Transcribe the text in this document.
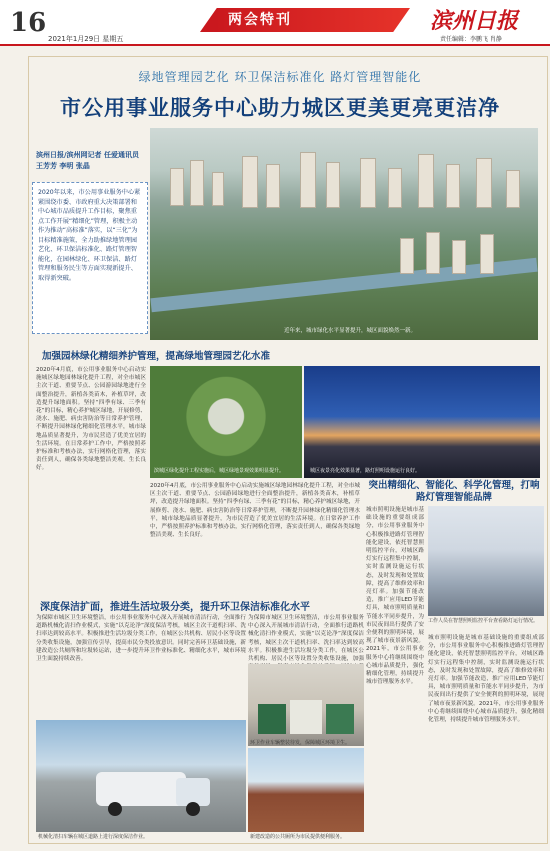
16
2021年1月29日 星期五
两会特刊	滨州日报
责任编辑：李鹏飞 肖静
绿地管理园艺化 环卫保洁标准化 路灯管理智能化
市公用事业服务中心助力城区更美更亮更洁净
近年来，城市绿化水平显著提升，城区面貌焕然一新。
滨州日报/滨州网记者 任爱通讯员 王芳芳 李明 张晶
2020年以来，市公用事业服务中心紧紧围绕市委、市政府重大决策部署和中心城市品质提升工作目标，聚焦重点工作开展“精细化”管理，积极主动作为推动“高标准”落实，以“三化”为目标精准施策，全力助推绿地管理园艺化、环卫保洁标准化、路灯管理智能化，在园林绿化、环卫保洁、路灯管理和服务民生等方面实现新提升、取得新突破。
加强园林绿化精细养护管理，提高绿地管理园艺化水准
2020年4月底，市公用事业服务中心启动实施城区绿地园林绿化提升工程，对全市城区主次干道、重要节点、公园游园绿地进行全面整治提升，新植各类苗木，补植草坪，改造提升绿地面积。坚持“四季有绿、三季有花”的目标，精心养护城区绿地，开展修剪、浇水、施肥、病虫害防治等日常养护管理，不断提升园林绿化精细化管理水平，城市绿地品质显著提升，为市民营造了优美宜居的生活环境。在日常养护工作中，严格按照养护标准和考核办法，实行网格化管理，落实责任到人，确保各类绿地整洁美观、生长良好。	滨城区绿化提升工程实施后，城区绿地景观效果明显提升。	城区夜景亮化效果显著，路灯照明设施运行良好。
2020年4月底，市公用事业服务中心启动实施城区绿地园林绿化提升工程，对全市城区主次干道、重要节点、公园游园绿地进行全面整治提升，新植各类苗木，补植草坪，改造提升绿地面积。坚持“四季有绿、三季有花”的目标，精心养护城区绿地，开展修剪、浇水、施肥、病虫害防治等日常养护管理，不断提升园林绿化精细化管理水平，城市绿地品质显著提升，为市民营造了优美宜居的生活环境。在日常养护工作中，严格按照养护标准和考核办法，实行网格化管理，落实责任到人，确保各类绿地整洁美观、生长良好。
突出精细化、智能化、科学化管理，打响路灯管理智能品牌
工作人员在智慧照明监控平台查看路灯运行情况。
城市照明设施是城市基础设施的重要组成部分，市公用事业服务中心积极推进路灯管理智能化建设，依托智慧照明监控平台，对城区路灯实行远程集中控制，实时监测设施运行状态，及时发现和处置故障，提高了维修效率和亮灯率。加强节能改造，推广应用LED节能灯具，城市照明质量和节能水平同步提升，为市民夜间出行提供了安全便利的照明环境，展现了城市夜景新风貌。2021年，市公用事业服务中心将继续围绕中心城市品质提升，强化精细化管理，持续提升城市管理服务水平。
城市照明设施是城市基础设施的重要组成部分，市公用事业服务中心积极推进路灯管理智能化建设，依托智慧照明监控平台，对城区路灯实行远程集中控制，实时监测设施运行状态，及时发现和处置故障，提高了维修效率和亮灯率。加强节能改造，推广应用LED节能灯具，城市照明质量和节能水平同步提升，为市民夜间出行提供了安全便利的照明环境，展现了城市夜景新风貌。2021年，市公用事业服务中心将继续围绕中心城市品质提升，强化精细化管理，持续提升城市管理服务水平。
深度保洁扩面，推进生活垃圾分类，提升环卫保洁标准化水平
为保障市城区卫生环境整洁，市公用事业服务中心深入开展城市清洁行动，全面推行道路机械化清扫作业模式，实施“以克论净”深度保洁考核，城区主次干道机扫率、洗扫率达到较高水平。积极推进生活垃圾分类工作，在城区公共机构、居民小区等设置分类收集设施，加强宣传引导，提高市民分类投放意识。同时完善环卫基础设施，新建改造公共厕所和垃圾转运站，进一步提升环卫作业标准化、精细化水平，城市环境卫生面貌持续改善。
为保障市城区卫生环境整洁，市公用事业服务中心深入开展城市清洁行动，全面推行道路机械化清扫作业模式，实施“以克论净”深度保洁考核，城区主次干道机扫率、洗扫率达到较高水平。积极推进生活垃圾分类工作，在城区公共机构、居民小区等设置分类收集设施，加强
机械化清扫车辆在城区道路上进行深度保洁作业。
环卫作业车辆整装待发，保障城区环境卫生。
新建改造的公共厕所为市民提供便利服务。
